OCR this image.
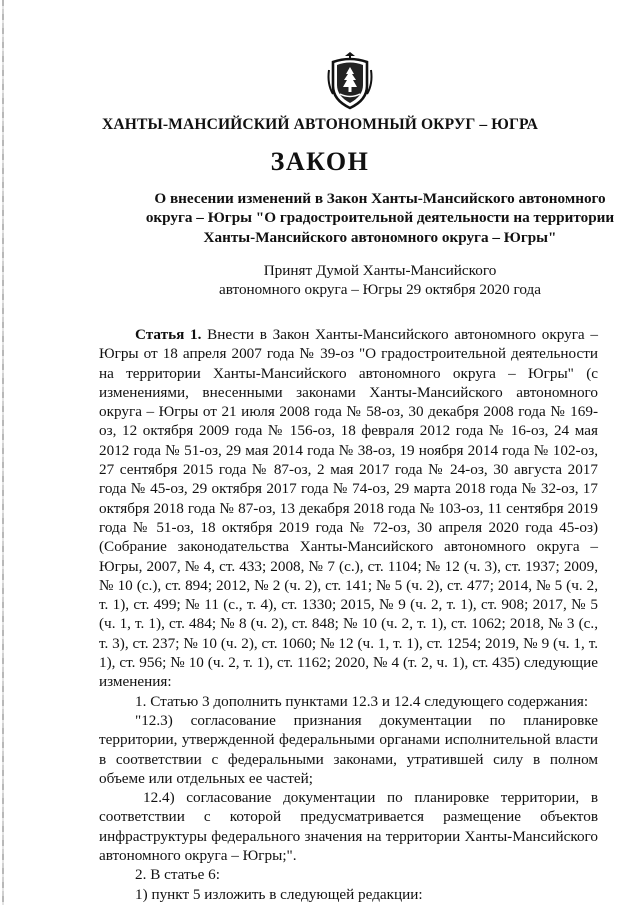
ХАНТЫ-МАНСИЙСКИЙ АВТОНОМНЫЙ ОКРУГ – ЮГРА
ЗАКОН
О внесении изменений в Закон Ханты-Мансийского автономного
округа – Югры "О градостроительной деятельности на территории
Ханты-Мансийского автономного округа – Югры"
Принят Думой Ханты-Мансийского
автономного округа – Югры 29 октября 2020 года

Статья 1. Внести в Закон Ханты-Мансийского автономного округа – Югры от 18 апреля 2007 года № 39-оз "О градостроительной деятельности на территории Ханты-Мансийского автономного округа – Югры" (с изменениями, внесенными законами Ханты-Мансийского автономного округа – Югры от 21 июля 2008 года № 58-оз, 30 декабря 2008 года № 169-оз, 12 октября 2009 года № 156-оз, 18 февраля 2012 года № 16-оз, 24 мая 2012 года № 51-оз, 29 мая 2014 года № 38-оз, 19 ноября 2014 года № 102-оз, 27 сентября 2015 года № 87-оз, 2 мая 2017 года № 24-оз, 30 августа 2017 года № 45-оз, 29 октября 2017 года № 74-оз, 29 марта 2018 года № 32-оз, 17 октября 2018 года № 87-оз, 13 декабря 2018 года № 103-оз, 11 сентября 2019 года № 51-оз, 18 октября 2019 года № 72-оз, 30 апреля 2020 года 45-оз) (Собрание законодательства Ханты-Мансийского автономного округа – Югры, 2007, № 4, ст. 433; 2008, № 7 (с.), ст. 1104; № 12 (ч. 3), ст. 1937; 2009, № 10 (с.), ст. 894; 2012, № 2 (ч. 2), ст. 141; № 5 (ч. 2), ст. 477; 2014, № 5 (ч. 2, т. 1), ст. 499; № 11 (с., т. 4), ст. 1330; 2015, № 9 (ч. 2, т. 1), ст. 908; 2017, № 5 (ч. 1, т. 1), ст. 484; № 8 (ч. 2), ст. 848; № 10 (ч. 2, т. 1), ст. 1062; 2018, № 3 (с., т. 3), ст. 237; № 10 (ч. 2), ст. 1060; № 12 (ч. 1, т. 1), ст. 1254; 2019, № 9 (ч. 1, т. 1), ст. 956; № 10 (ч. 2, т. 1), ст. 1162; 2020, № 4 (т. 2, ч. 1), ст. 435) следующие изменения:

1. Статью 3 дополнить пунктами 12.3 и 12.4 следующего содержания:

"12.3) согласование признания документации по планировке территории, утвержденной федеральными органами исполнительной власти в соответствии с федеральными законами, утратившей силу в полном объеме или отдельных ее частей;

12.4) согласование документации по планировке территории, в соответствии с которой предусматривается размещение объектов инфраструктуры федерального значения на территории Ханты-Мансийского автономного округа – Югры;".

2. В статье 6:

1) пункт 5 изложить в следующей редакции:
